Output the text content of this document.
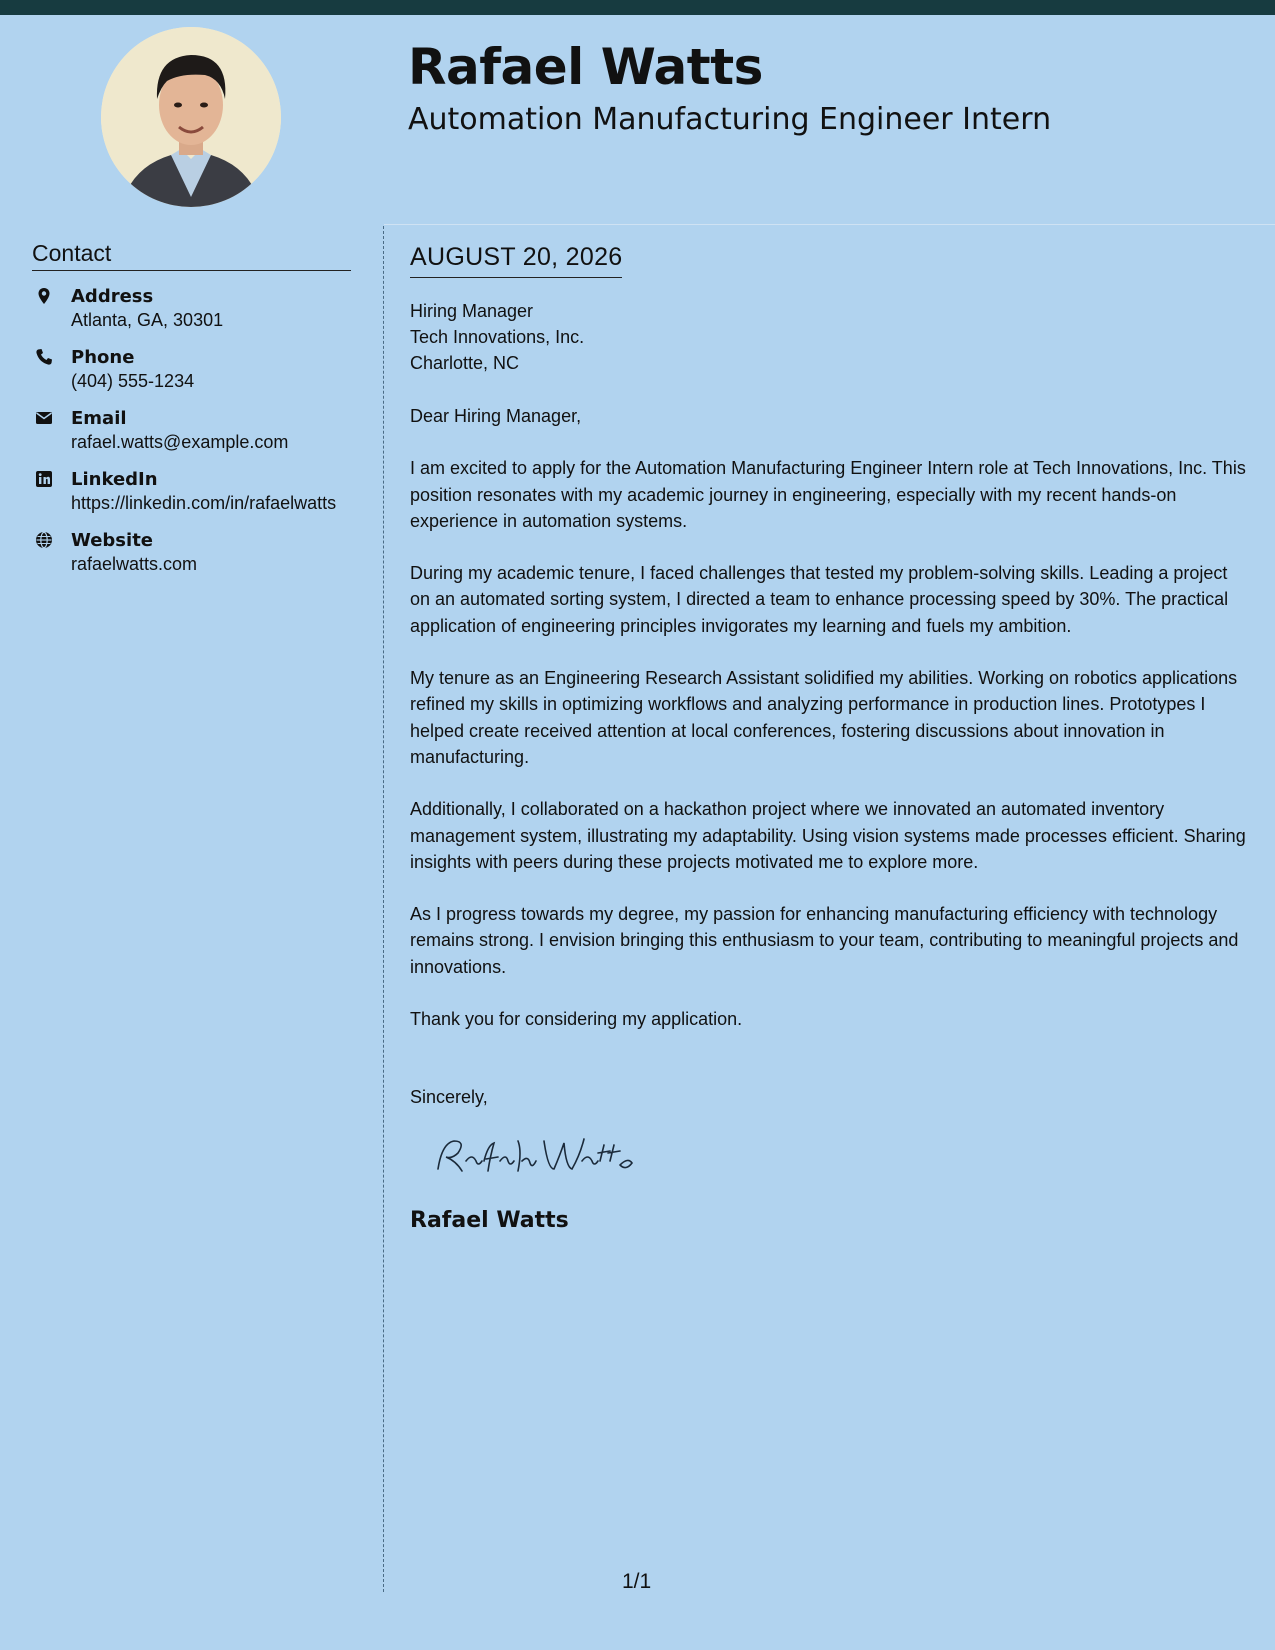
Rafael Watts
Automation Manufacturing Engineer Intern
Contact
Address
Atlanta, GA, 30301
Phone
(404) 555-1234
Email
rafael.watts@example.com
LinkedIn
https://linkedin.com/in/rafaelwatts
Website
rafaelwatts.com
AUGUST 20, 2026

Hiring Manager

Tech Innovations, Inc.

Charlotte, NC

Dear Hiring Manager,

I am excited to apply for the Automation Manufacturing Engineer Intern role at Tech Innovations, Inc. This position resonates with my academic journey in engineering, especially with my recent hands-on experience in automation systems.

During my academic tenure, I faced challenges that tested my problem-solving skills. Leading a project on an automated sorting system, I directed a team to enhance processing speed by 30%. The practical application of engineering principles invigorates my learning and fuels my ambition.

My tenure as an Engineering Research Assistant solidified my abilities. Working on robotics applications refined my skills in optimizing workflows and analyzing performance in production lines. Prototypes I helped create received attention at local conferences, fostering discussions about innovation in manufacturing.

Additionally, I collaborated on a hackathon project where we innovated an automated inventory management system, illustrating my adaptability. Using vision systems made processes efficient. Sharing insights with peers during these projects motivated me to explore more.

As I progress towards my degree, my passion for enhancing manufacturing efficiency with technology remains strong. I envision bringing this enthusiasm to your team, contributing to meaningful projects and innovations.

Thank you for considering my application.

Sincerely,

Rafael Watts
1/1
